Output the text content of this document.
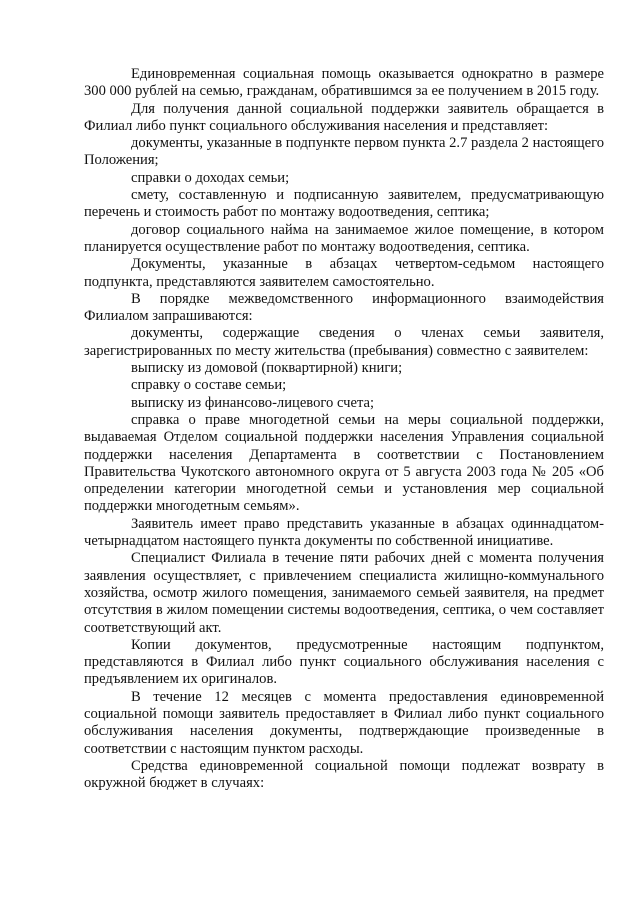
Единовременная социальная помощь оказывается однократно в размере 300 000 рублей на семью, гражданам, обратившимся за ее получением в 2015 году.

Для получения данной социальной поддержки заявитель обращается в Филиал либо пункт социального обслуживания населения и представляет:

документы, указанные в подпункте первом пункта 2.7 раздела 2 настоящего Положения;

справки о доходах семьи;

смету, составленную и подписанную заявителем, предусматривающую перечень и стоимость работ по монтажу водоотведения, септика;

договор социального найма на занимаемое жилое помещение, в котором планируется осуществление работ по монтажу водоотведения, септика.

Документы, указанные в абзацах четвертом-седьмом настоящего подпункта, представляются заявителем самостоятельно.

В порядке межведомственного информационного взаимодействия Филиалом запрашиваются:

документы, содержащие сведения о членах семьи заявителя, зарегистрированных по месту жительства (пребывания) совместно с заявителем:

выписку из домовой (поквартирной) книги;

справку о составе семьи;

выписку из финансово-лицевого счета;

справка о праве многодетной семьи на меры социальной поддержки, выдаваемая Отделом социальной поддержки населения Управления социальной поддержки населения Департамента в соответствии с Постановлением Правительства Чукотского автономного округа от 5 августа 2003 года № 205 «Об определении категории многодетной семьи и установления мер социальной поддержки многодетным семьям».

Заявитель имеет право представить указанные в абзацах одиннадцатом-четырнадцатом настоящего пункта документы по собственной инициативе.

Специалист Филиала в течение пяти рабочих дней с момента получения заявления осуществляет, с привлечением специалиста жилищно-коммунального хозяйства, осмотр жилого помещения, занимаемого семьей заявителя, на предмет отсутствия в жилом помещении системы водоотведения, септика, о чем составляет соответствующий акт.

Копии документов, предусмотренные настоящим подпунктом, представляются в Филиал либо пункт социального обслуживания населения с предъявлением их оригиналов.

В течение 12 месяцев с момента предоставления единовременной социальной помощи заявитель предоставляет в Филиал либо пункт социального обслуживания населения документы, подтверждающие произведенные в соответствии с настоящим пунктом расходы.

Средства единовременной социальной помощи подлежат возврату в окружной бюджет в случаях:
